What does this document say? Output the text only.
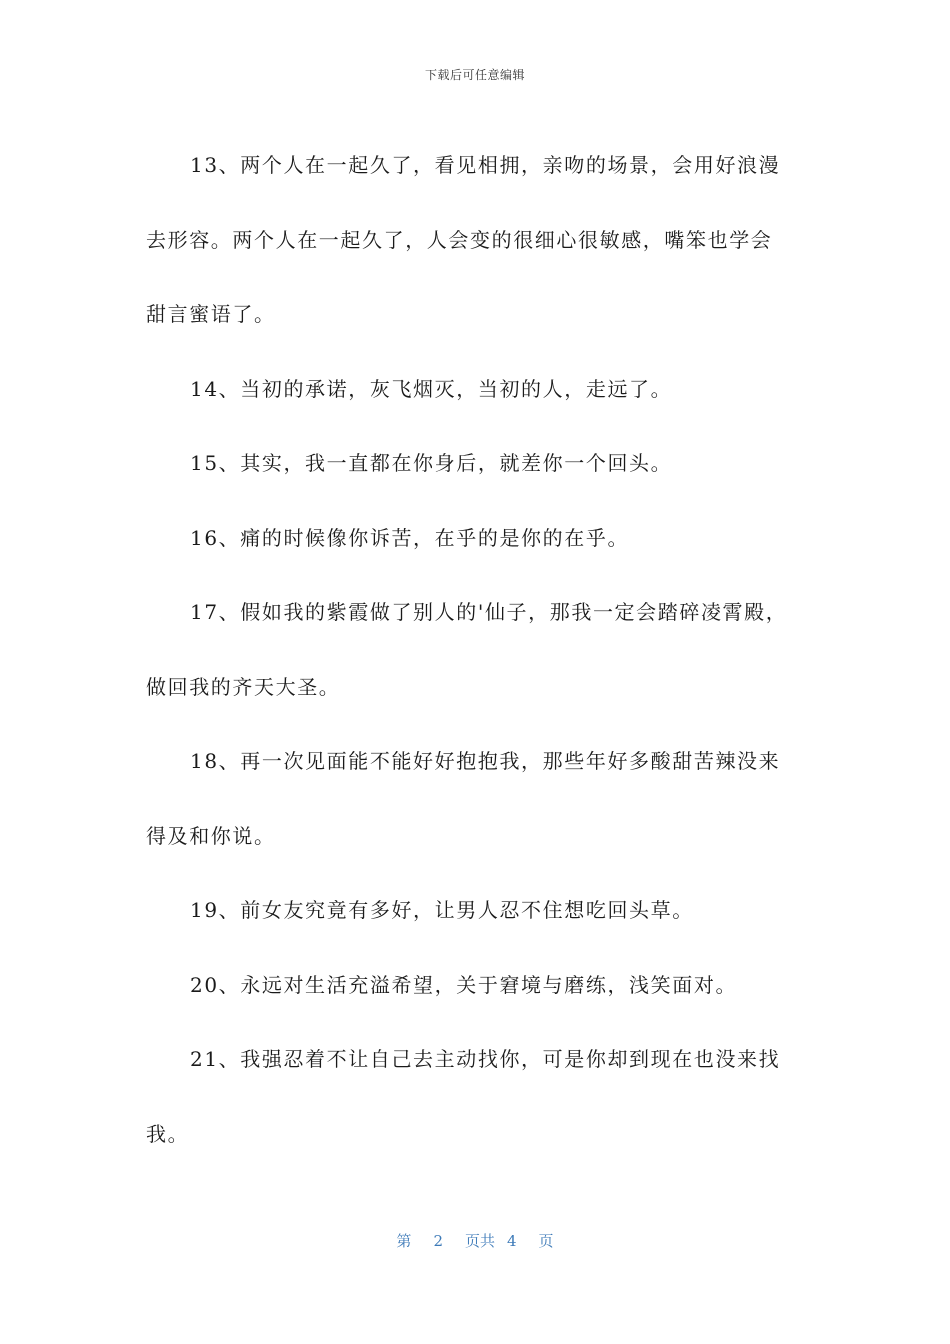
下载后可任意编辑
13、两个人在一起久了，看见相拥，亲吻的场景，会用好浪漫
去形容。两个人在一起久了，人会变的很细心很敏感，嘴笨也学会
甜言蜜语了。
14、当初的承诺，灰飞烟灭，当初的人，走远了。
15、其实，我一直都在你身后，就差你一个回头。
16、痛的时候像你诉苦，在乎的是你的在乎。
17、假如我的紫霞做了别人的'仙子，那我一定会踏碎凌霄殿，
做回我的齐天大圣。
18、再一次见面能不能好好抱抱我，那些年好多酸甜苦辣没来
得及和你说。
19、前女友究竟有多好，让男人忍不住想吃回头草。
20、永远对生活充溢希望，关于窘境与磨练，浅笑面对。
21、我强忍着不让自己去主动找你，可是你却到现在也没来找
我。
第 2 页共 4 页
